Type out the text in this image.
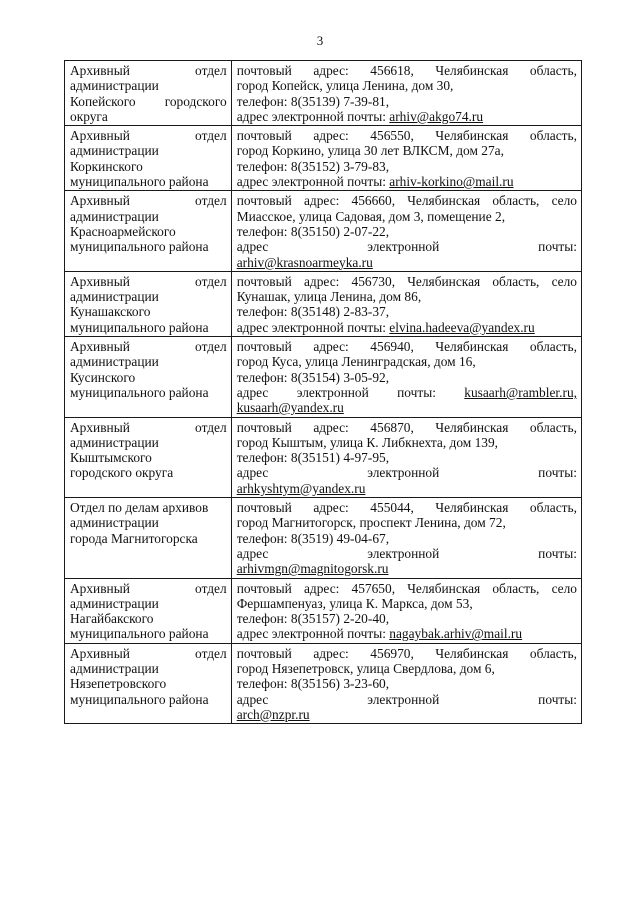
3
Архивный отдел
администрации
Копейского городского
округа	почтовый адрес: 456618, Челябинская область,
город Копейск, улица Ленина, дом 30,
телефон: 8(35139) 7-39-81,
адрес электронной почты: arhiv@akgo74.ru

Архивный отдел
администрации
Коркинского
муниципального района	почтовый адрес: 456550, Челябинская область,
город Коркино, улица 30 лет ВЛКСМ, дом 27а,
телефон: 8(35152) 3-79-83,
адрес электронной почты: arhiv-korkino@mail.ru

Архивный отдел
администрации
Красноармейского
муниципального района	почтовый адрес: 456660, Челябинская область, село
Миасское, улица Садовая, дом 3, помещение 2,
телефон: 8(35150) 2-07-22,
адрес электронной почты:
arhiv@krasnoarmeyka.ru

Архивный отдел
администрации
Кунашакского
муниципального района	почтовый адрес: 456730, Челябинская область, село
Кунашак, улица Ленина, дом 86,
телефон: 8(35148) 2-83-37,
адрес электронной почты: elvina.hadeeva@yandex.ru

Архивный отдел
администрации
Кусинского
муниципального района	почтовый адрес: 456940, Челябинская область,
город Куса, улица Ленинградская, дом 16,
телефон: 8(35154) 3-05-92,
адрес электронной почты: kusaarh@rambler.ru,
kusaarh@yandex.ru

Архивный отдел
администрации
Кыштымского
городского округа	почтовый адрес: 456870, Челябинская область,
город Кыштым, улица К. Либкнехта, дом 139,
телефон: 8(35151) 4-97-95,
адрес электронной почты:
arhkyshtym@yandex.ru

Отдел по делам архивов
администрации
города Магнитогорска	почтовый адрес: 455044, Челябинская область,
город Магнитогорск, проспект Ленина, дом 72,
телефон: 8(3519) 49-04-67,
адрес электронной почты:
arhivmgn@magnitogorsk.ru

Архивный отдел
администрации
Нагайбакского
муниципального района	почтовый адрес: 457650, Челябинская область, село
Фершампенуаз, улица К. Маркса, дом 53,
телефон: 8(35157) 2-20-40,
адрес электронной почты: nagaybak.arhiv@mail.ru

Архивный отдел
администрации
Нязепетровского
муниципального района	почтовый адрес: 456970, Челябинская область,
город Нязепетровск, улица Свердлова, дом 6,
телефон: 8(35156) 3-23-60,
адрес электронной почты:
arch@nzpr.ru
